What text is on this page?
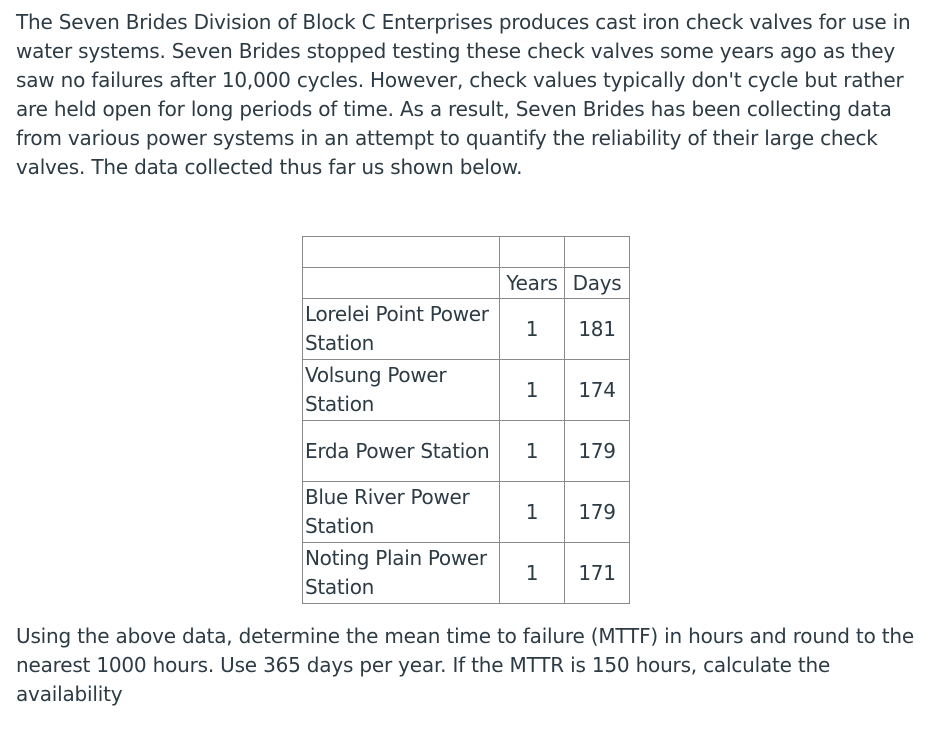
The Seven Brides Division of Block C Enterprises produces cast iron check valves for use in water systems. Seven Brides stopped testing these check valves some years ago as they saw no failures after 10,000 cycles. However, check values typically don't cycle but rather are held open for long periods of time. As a result, Seven Brides has been collecting data from various power systems in an attempt to quantify the reliability of their large check valves. The data collected thus far us shown below.

	Years	Days
Lorelei Point Power Station	1	181
Volsung Power Station	1	174
Erda Power Station	1	179
Blue River Power Station	1	179
Noting Plain Power Station	1	171

Using the above data, determine the mean time to failure (MTTF) in hours and round to the nearest 1000 hours. Use 365 days per year. If the MTTR is 150 hours, calculate the availability
